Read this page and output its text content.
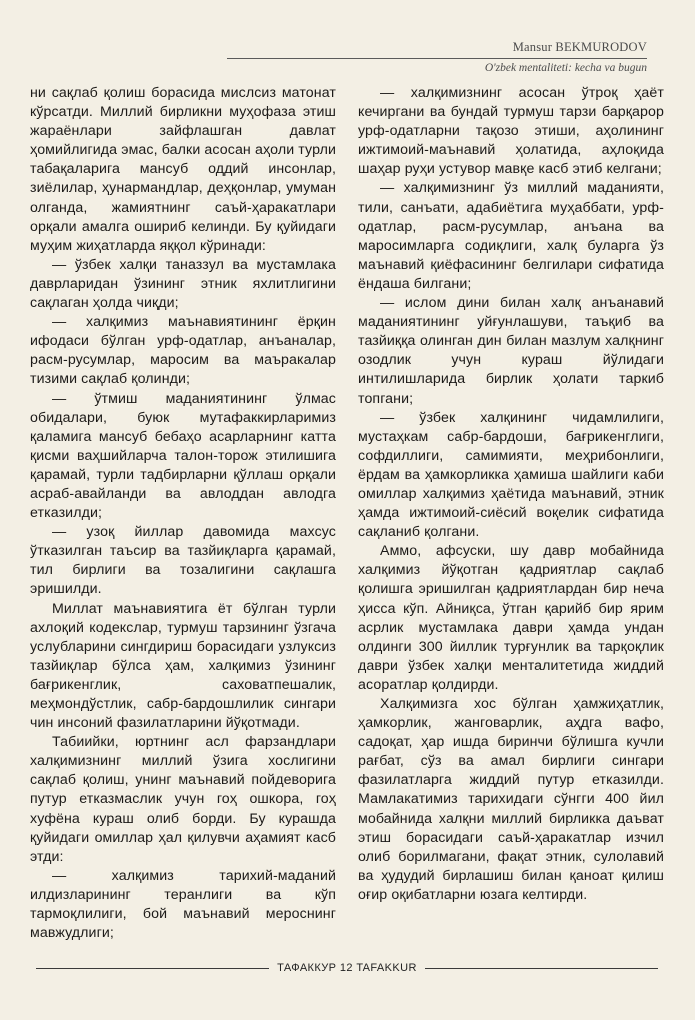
Mansur BEKMURODOV
O'zbek mentaliteti: kecha va bugun

ни сақлаб қолиш борасида мислсиз матонат кўрсатди. Миллий бирликни муҳофаза этиш жараёнлари зайфлашган давлат ҳомийлигида эмас, балки асосан аҳоли турли табақаларига мансуб оддий инсонлар, зиёлилар, ҳунармандлар, деҳқонлар, умуман олганда, жамиятнинг саъй-ҳаракатлари орқали амалга ошириб келинди. Бу қуйидаги муҳим жиҳатларда яққол кўринади:

— ўзбек халқи таназзул ва мустамлака даврларидан ўзининг этник яхлитлигини сақлаган ҳолда чиқди;

— халқимиз маънавиятининг ёрқин ифодаси бўлган урф-одатлар, анъаналар, расм-русумлар, маросим ва маъракалар тизими сақлаб қолинди;

— ўтмиш маданиятининг ўлмас обидалари, буюк мутафаккирларимиз қаламига мансуб бебаҳо асарларнинг катта қисми ваҳшийларча талон-торож этилишига қарамай, турли тадбирларни қўллаш орқали асраб-авайланди ва авлоддан авлодга етказилди;

— узоқ йиллар давомида махсус ўтказилган таъсир ва тазйиқларга қарамай, тил бирлиги ва тозалигини сақлашга эришилди.

Миллат маънавиятига ёт бўлган турли ахлоқий кодекслар, турмуш тарзининг ўзгача услубларини сингдириш борасидаги узлуксиз тазйиқлар бўлса ҳам, халқимиз ўзининг бағрикенглик, саховатпешалик, меҳмондўстлик, сабр-бардошлилик сингари чин инсоний фазилатларини йўқотмади.

Табиийки, юртнинг асл фарзандлари халқимизнинг миллий ўзига хослигини сақлаб қолиш, унинг маънавий пойдеворига путур етказмаслик учун гоҳ ошкора, гоҳ хуфёна кураш олиб борди. Бу курашда қуйидаги омиллар ҳал қилувчи аҳамият касб этди:

— халқимиз тарихий-маданий илдизларининг теранлиги ва кўп тармоқлилиги, бой маънавий мероснинг мавжудлиги;

— халқимизнинг асосан ўтроқ ҳаёт кечиргани ва бундай турмуш тарзи барқарор урф-одатларни тақозо этиши, аҳолининг ижтимоий-маънавий ҳолатида, аҳлоқида шаҳар руҳи устувор мавқе касб этиб келгани;

— халқимизнинг ўз миллий маданияти, тили, санъати, адабиётига муҳаббати, урф-одатлар, расм-русумлар, анъана ва маросимларга содиқлиги, халқ буларга ўз маънавий қиёфасининг белгилари сифатида ёндаша билгани;

— ислом дини билан халқ анъанавий маданиятининг уйғунлашуви, таъқиб ва тазйиққа олинган дин билан мазлум халқнинг озодлик учун кураш йўлидаги интилишларида бирлик ҳолати таркиб топгани;

— ўзбек халқининг чидамлилиги, мустаҳкам сабр-бардоши, бағрикенглиги, софдиллиги, самимияти, меҳрибонлиги, ёрдам ва ҳамкорликка ҳамиша шайлиги каби омиллар халқимиз ҳаётида маънавий, этник ҳамда ижтимоий-сиёсий воқелик сифатида сақланиб қолгани.

Аммо, афсуски, шу давр мобайнида халқимиз йўқотган қадриятлар сақлаб қолишга эришилган қадриятлардан бир неча ҳисса кўп. Айниқса, ўтган қарийб бир ярим асрлик мустамлака даври ҳамда ундан олдинги 300 йиллик турғунлик ва тарқоқлик даври ўзбек халқи менталитетида жиддий асоратлар қолдирди.

Халқимизга хос бўлган ҳамжиҳатлик, ҳамкорлик, жанговарлик, аҳдга вафо, садоқат, ҳар ишда биринчи бўлишга кучли рағбат, сўз ва амал бирлиги сингари фазилатларга жиддий путур етказилди. Мамлакатимиз тарихидаги сўнгги 400 йил мобайнида халқни миллий бирликка даъват этиш борасидаги саъй-ҳаракатлар изчил олиб борилмагани, фақат этник, сулолавий ва ҳудудий бирлашиш билан қаноат қилиш оғир оқибатларни юзага келтирди.

ТАФАККУР 12 TAFAKKUR
